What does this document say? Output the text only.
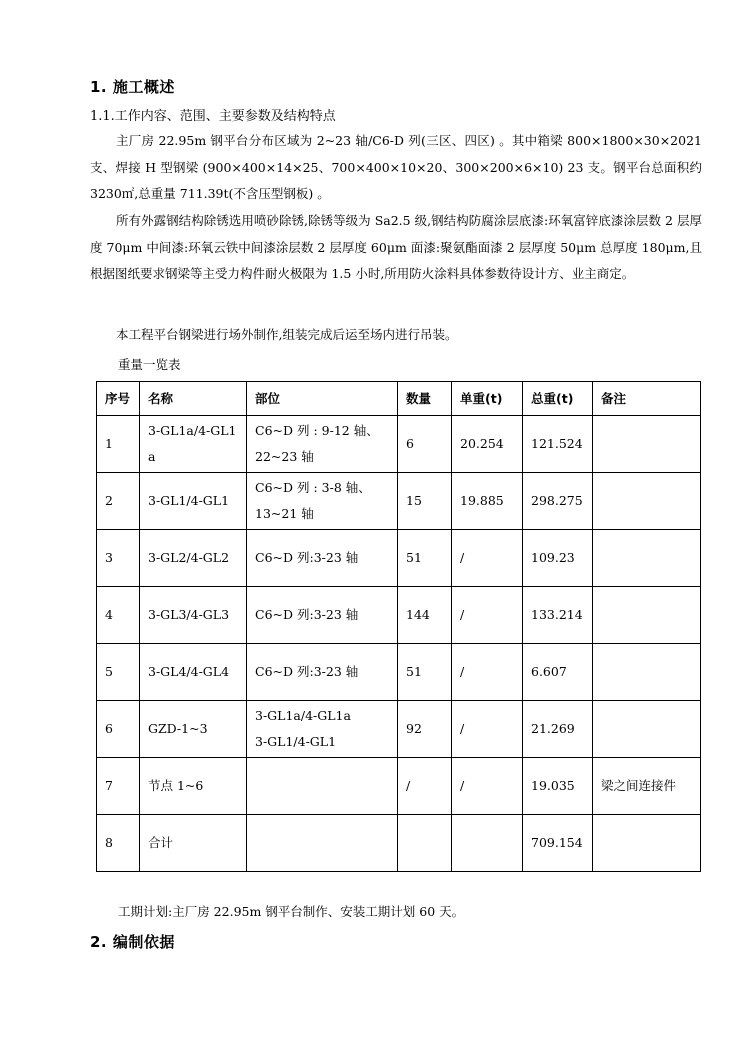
1. 施工概述
1.1.工作内容、范围、主要参数及结构特点
主厂房 22.95m 钢平台分布区域为 2~23 轴/C6-D 列(三区、四区) 。其中箱梁 800×1800×30×2021 支、焊接 H 型钢梁 (900×400×14×25、700×400×10×20、300×200×6×10) 23 支。钢平台总面积约 3230㎡,总重量 711.39t(不含压型钢板) 。
所有外露钢结构除锈选用喷砂除锈,除锈等级为 Sa2.5 级,钢结构防腐涂层底漆:环氧富锌底漆涂层数 2 层厚度 70μm 中间漆:环氧云铁中间漆涂层数 2 层厚度 60μm 面漆:聚氨酯面漆 2 层厚度 50μm 总厚度 180μm,且根据图纸要求钢梁等主受力构件耐火极限为 1.5 小时,所用防火涂料具体参数待设计方、业主商定。
本工程平台钢梁进行场外制作,组装完成后运至场内进行吊装。
重量一览表
序号	名称	部位	数量	单重(t)	总重(t)	备注
1	3-GL1a/4-GL1
a	C6~D 列 : 9-12 轴、
22~23 轴	6	20.254	121.524	
2	3-GL1/4-GL1	C6~D 列 : 3-8 轴、
13~21 轴	15	19.885	298.275	
3	3-GL2/4-GL2	C6~D 列:3-23 轴	51	/	109.23	
4	3-GL3/4-GL3	C6~D 列:3-23 轴	144	/	133.214	
5	3-GL4/4-GL4	C6~D 列:3-23 轴	51	/	6.607	
6	GZD-1~3	3-GL1a/4-GL1a
3-GL1/4-GL1	92	/	21.269	
7	节点 1~6		/	/	19.035	梁之间连接件
8	合计				709.154	
工期计划:主厂房 22.95m 钢平台制作、安装工期计划 60 天。
2. 编制依据
